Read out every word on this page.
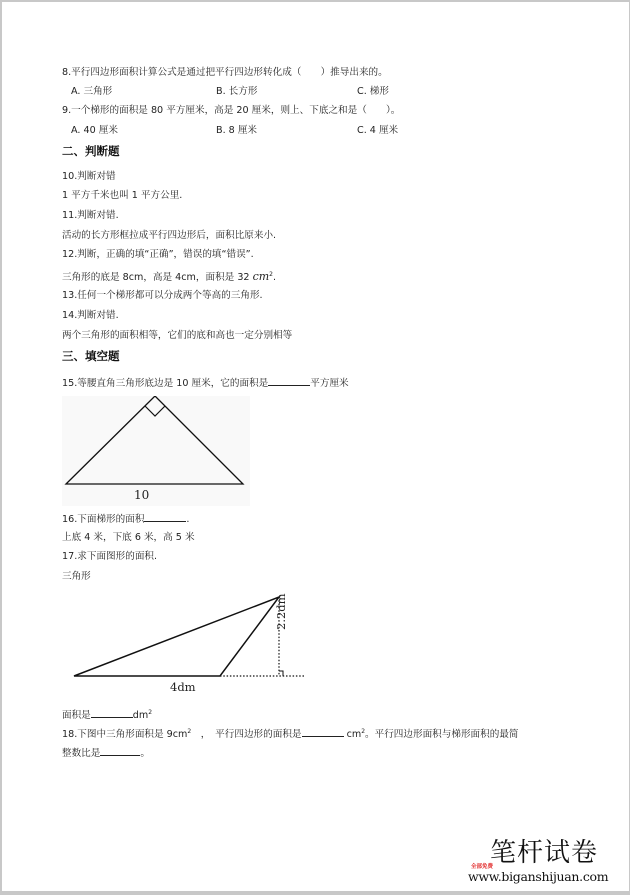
8.平行四边形面积计算公式是通过把平行四边形转化成（　　）推导出来的。
A. 三角形	B. 长方形	C. 梯形
9.一个梯形的面积是 80 平方厘米，高是 20 厘米，则上、下底之和是（　　）。
A. 40 厘米	B. 8 厘米	C. 4 厘米
二、判断题
10.判断对错
1 平方千米也叫 1 平方公里.
11.判断对错.
活动的长方形框拉成平行四边形后，面积比原来小.
12.判断，正确的填“正确”，错误的填“错误”.
三角形的底是 8cm，高是 4cm，面积是 32 $cm^2$.
13.任何一个梯形都可以分成两个等高的三角形.
14.判断对错.
两个三角形的面积相等，它们的底和高也一定分别相等
三、填空题
15.等腰直角三角形底边是 10 厘米，它的面积是	平方厘米
10
16.下面梯形的面积	.
上底 4 米，下底 6 米，高 5 米
17.求下面图形的面积.
三角形
4dm
2.2dm
面积是	$dm^2$
18.下图中三角形面积是 $9cm^2$　，　平行四边形的面积是	$cm^2$。平行四边形面积与梯形面积的最简
整数比是	。
笔杆试卷
全部免费
www.biganshijuan.com
